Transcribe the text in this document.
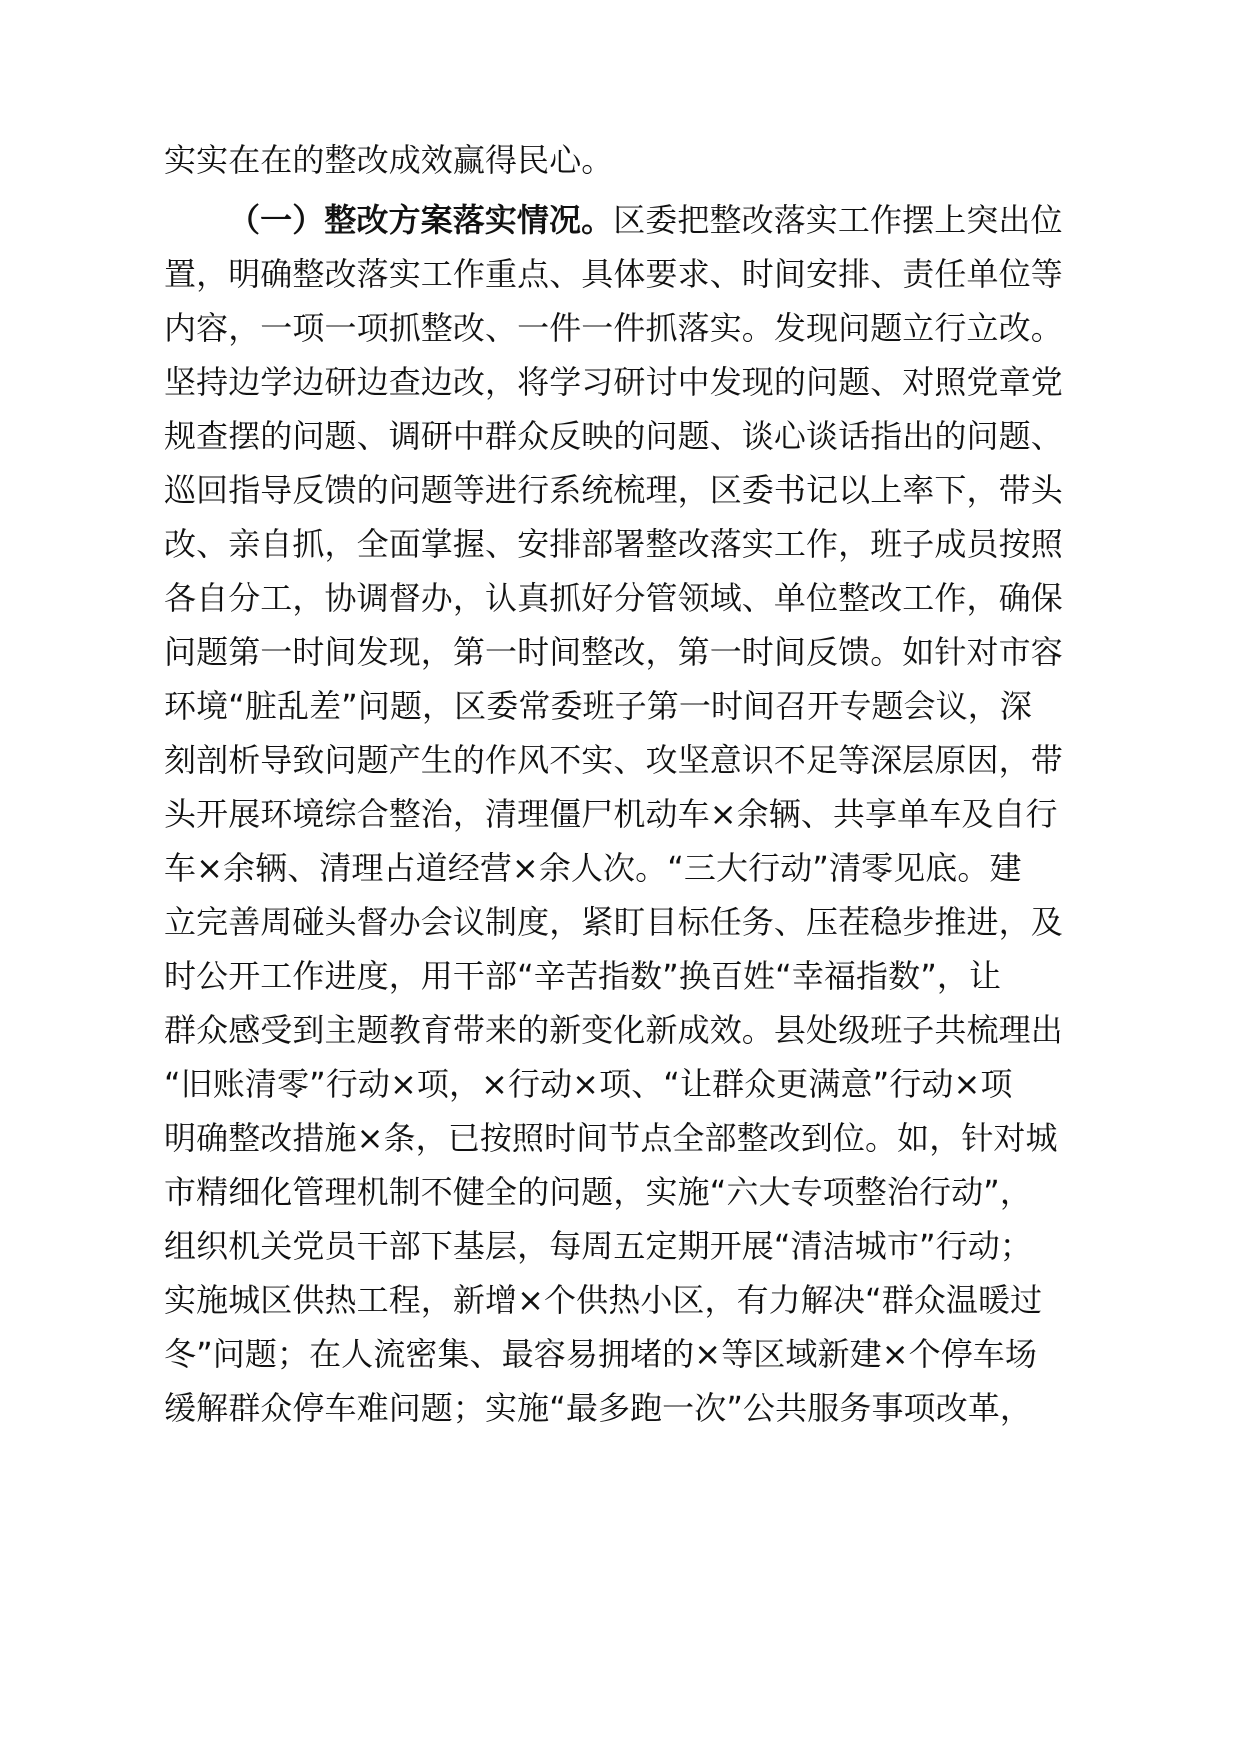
实实在在的整改成效赢得民心。
（一）整改方案落实情况。区委把整改落实工作摆上突出位
置，明确整改落实工作重点、具体要求、时间安排、责任单位等
内容，一项一项抓整改、一件一件抓落实。发现问题立行立改。
坚持边学边研边查边改，将学习研讨中发现的问题、对照党章党
规查摆的问题、调研中群众反映的问题、谈心谈话指出的问题、
巡回指导反馈的问题等进行系统梳理，区委书记以上率下，带头
改、亲自抓，全面掌握、安排部署整改落实工作，班子成员按照
各自分工，协调督办，认真抓好分管领域、单位整改工作，确保
问题第一时间发现，第一时间整改，第一时间反馈。如针对市容
环境“脏乱差”问题，区委常委班子第一时间召开专题会议，深
刻剖析导致问题产生的作风不实、攻坚意识不足等深层原因，带
头开展环境综合整治，清理僵尸机动车×余辆、共享单车及自行
车×余辆、清理占道经营×余人次。“三大行动”清零见底。建
立完善周碰头督办会议制度，紧盯目标任务、压茬稳步推进，及
时公开工作进度，用干部“辛苦指数”换百姓“幸福指数”，让
群众感受到主题教育带来的新变化新成效。县处级班子共梳理出
“旧账清零”行动×项，×行动×项、“让群众更满意”行动×项
明确整改措施×条，已按照时间节点全部整改到位。如，针对城
市精细化管理机制不健全的问题，实施“六大专项整治行动”，
组织机关党员干部下基层，每周五定期开展“清洁城市”行动；
实施城区供热工程，新增×个供热小区，有力解决“群众温暖过
冬”问题；在人流密集、最容易拥堵的×等区域新建×个停车场
缓解群众停车难问题；实施“最多跑一次”公共服务事项改革，
